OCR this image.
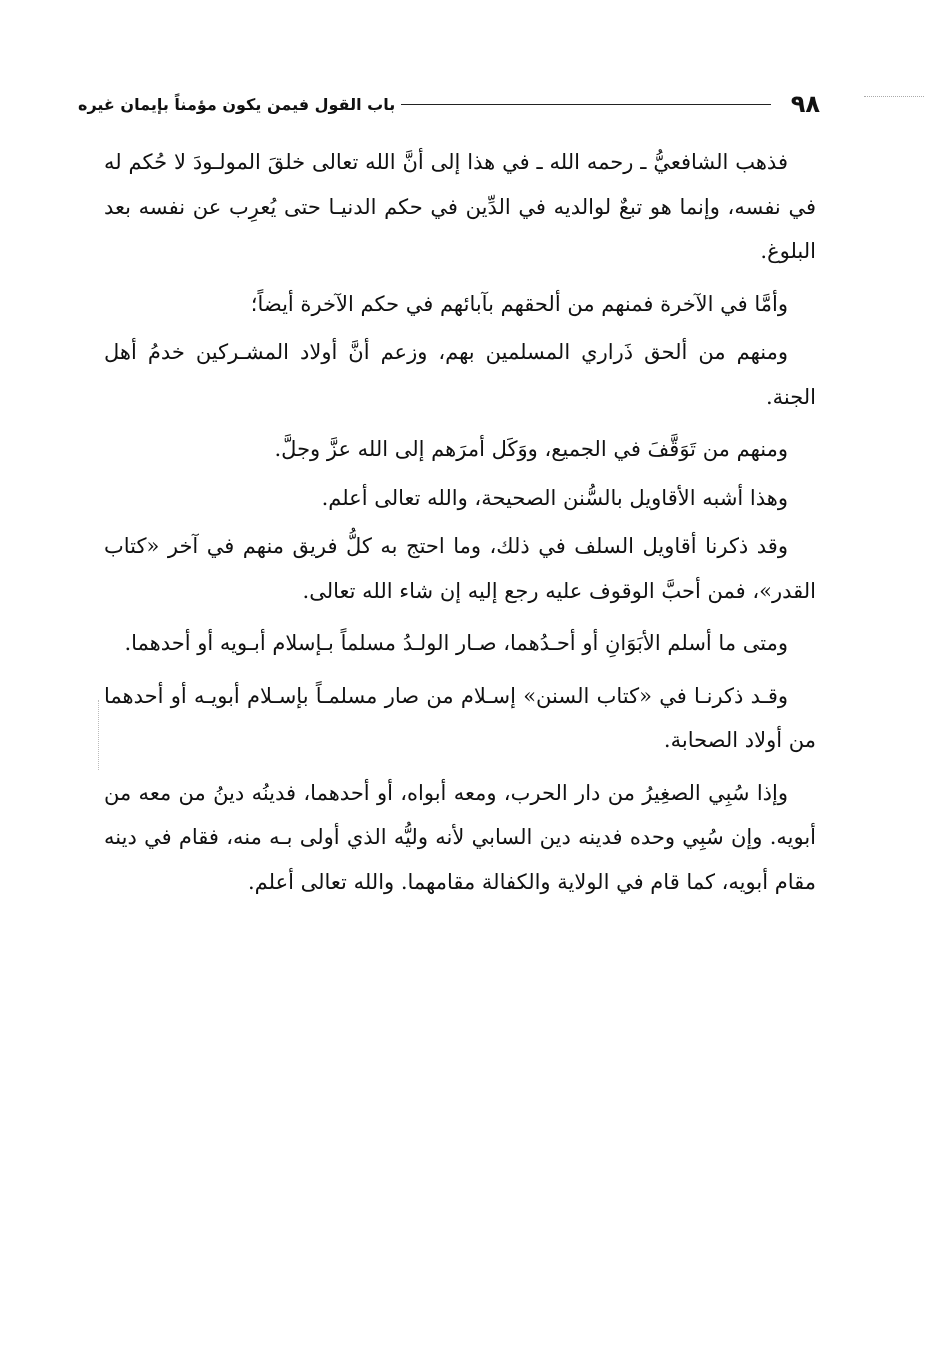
٩٨
باب القول فيمن يكون مؤمناً بإيمان غيره

فذهب الشافعيُّ ـ رحمه الله ـ في هذا إلى أنَّ الله تعالى خلقَ المولـودَ لا حُكم له في نفسه، وإنما هو تبعٌ لوالديه في الدِّين في حكم الدنيـا حتى يُعرِب عن نفسه بعد البلوغ.

وأمَّا في الآخرة فمنهم من ألحقهم بآبائهم في حكم الآخرة أيضاً؛

ومنهم من ألحق ذَراري المسلمين بهم، وزعم أنَّ أولاد المشـركين خدمُ أهل الجنة.

ومنهم من تَوَقَّفَ في الجميع، ووَكَل أمرَهم إلى الله عزَّ وجلَّ.

وهذا أشبه الأقاويل بالسُّنن الصحيحة، والله تعالى أعلم.

وقد ذكرنا أقاويل السلف في ذلك، وما احتج به كلُّ فريق منهم في آخر «كتاب القدر»، فمن أحبَّ الوقوف عليه رجع إليه إن شاء الله تعالى.

ومتى ما أسلم الأبَوَانِ أو أحـدُهما، صـار الولـدُ مسلماً بـإسلام أبـويه أو أحدهما.

وقـد ذكرنـا في «كتاب السنن» إسـلام من صار مسلمـاً بإسـلام أبويـه أو أحدهما من أولاد الصحابة.

وإذا سُبِي الصغِيرُ من دار الحرب، ومعه أبواه، أو أحدهما، فدينُه دينُ من معه من أبويه. وإن سُبِي وحده فدينه دين السابي لأنه وليُّه الذي أولى بـه منه، فقام في دينه مقام أبويه، كما قام في الولاية والكفالة مقامهما. والله تعالى أعلم.
